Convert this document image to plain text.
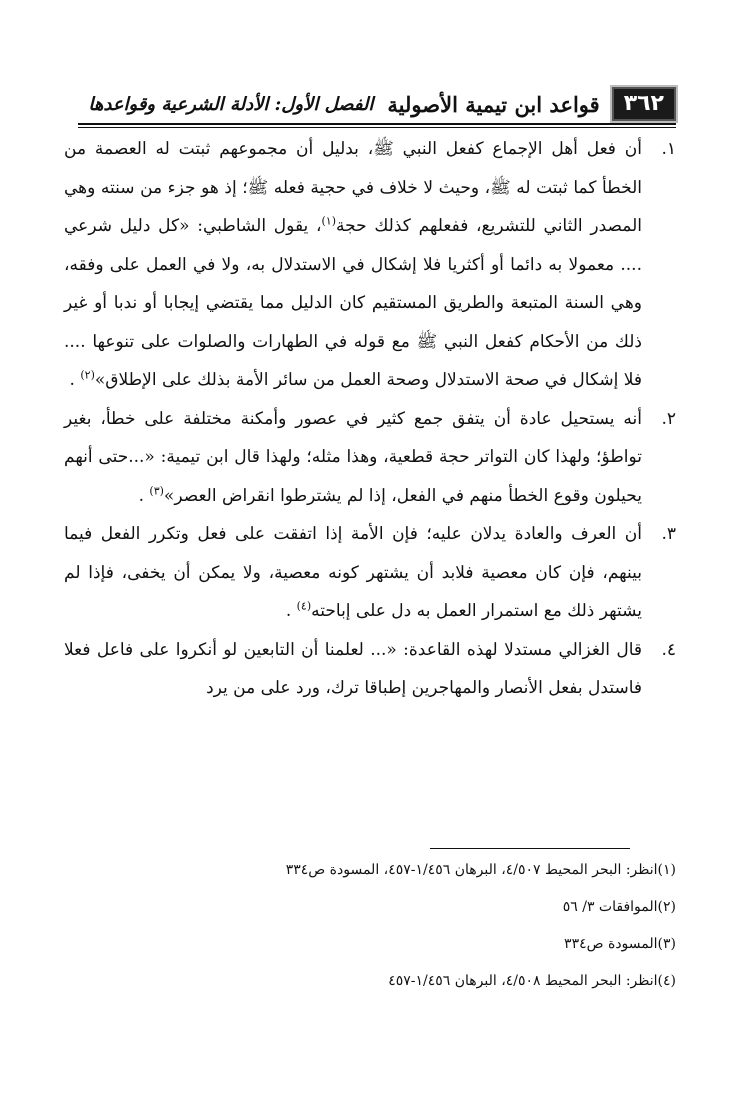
٣٦٢
قواعد ابن تيمية الأصولية
الفصل الأول: الأدلة الشرعية وقواعدها
١.
أن فعل أهل الإجماع كفعل النبي ﷺ، بدليل أن مجموعهم ثبتت له العصمة من الخطأ كما ثبتت له ﷺ، وحيث لا خلاف في حجية فعله ﷺ؛ إذ هو جزء من سنته وهي المصدر الثاني للتشريع، ففعلهم كذلك حجة$^{(١)}$، يقول الشاطبي: «كل دليل شرعي .... معمولا به دائما أو أكثريا فلا إشكال في الاستدلال به، ولا في العمل على وفقه، وهي السنة المتبعة والطريق المستقيم كان الدليل مما يقتضي إيجابا أو ندبا أو غير ذلك من الأحكام كفعل النبي ﷺ مع قوله في الطهارات والصلوات على تنوعها .... فلا إشكال في صحة الاستدلال وصحة العمل من سائر الأمة بذلك على الإطلاق»$^{(٢)}$ .
٢.
أنه يستحيل عادة أن يتفق جمع كثير في عصور وأمكنة مختلفة على خطأ، بغير تواطؤ؛ ولهذا كان التواتر حجة قطعية، وهذا مثله؛ ولهذا قال ابن تيمية: «...حتى أنهم يحيلون وقوع الخطأ منهم في الفعل، إذا لم يشترطوا انقراض العصر»$^{(٣)}$ .
٣.
أن العرف والعادة يدلان عليه؛ فإن الأمة إذا اتفقت على فعل وتكرر الفعل فيما بينهم، فإن كان معصية فلابد أن يشتهر كونه معصية، ولا يمكن أن يخفى، فإذا لم يشتهر ذلك مع استمرار العمل به دل على إباحته$^{(٤)}$ .
٤.
قال الغزالي مستدلا لهذه القاعدة: «... لعلمنا أن التابعين لو أنكروا على فاعل فعلا فاستدل بفعل الأنصار والمهاجرين إطباقا ترك، ورد على من يرد
(١)انظر: البحر المحيط ٤/٥٠٧، البرهان ١/٤٥٦-٤٥٧، المسودة ص٣٣٤
(٢)الموافقات ٣/ ٥٦
(٣)المسودة ص٣٣٤
(٤)انظر: البحر المحيط ٤/٥٠٨، البرهان ١/٤٥٦-٤٥٧
